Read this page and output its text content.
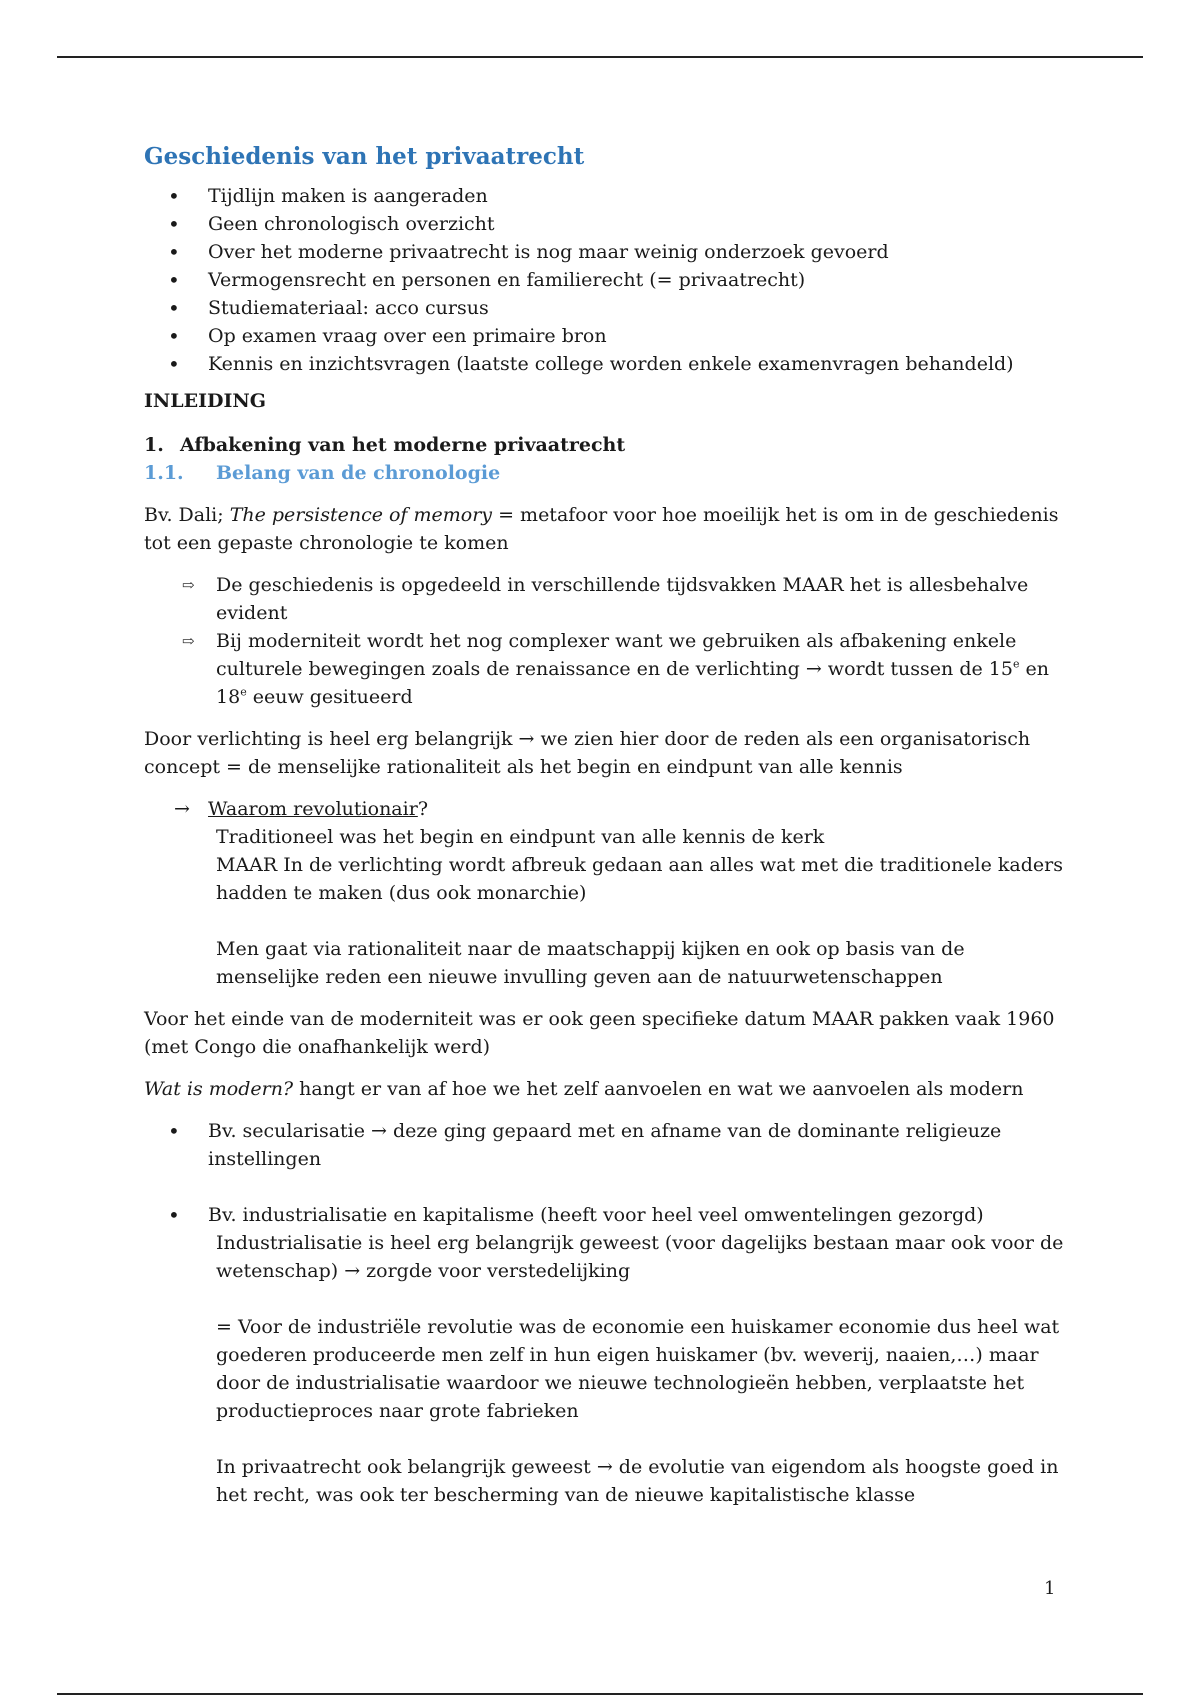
Geschiedenis van het privaatrecht
• Tijdlijn maken is aangeraden
• Geen chronologisch overzicht
• Over het moderne privaatrecht is nog maar weinig onderzoek gevoerd
• Vermogensrecht en personen en familierecht (= privaatrecht)
• Studiemateriaal: acco cursus
• Op examen vraag over een primaire bron
• Kennis en inzichtsvragen (laatste college worden enkele examenvragen behandeld)
INLEIDING
1. Afbakening van het moderne privaatrecht
1.1.	Belang van de chronologie

Bv. Dali; The persistence of memory = metafoor voor hoe moeilijk het is om in de geschiedenis tot een gepaste chronologie te komen

⇨ De geschiedenis is opgedeeld in verschillende tijdsvakken MAAR het is allesbehalve evident
⇨ Bij moderniteit wordt het nog complexer want we gebruiken als afbakening enkele culturele bewegingen zoals de renaissance en de verlichting → wordt tussen de 15e en 18e eeuw gesitueerd

Door verlichting is heel erg belangrijk → we zien hier door de reden als een organisatorisch concept = de menselijke rationaliteit als het begin en eindpunt van alle kennis

→ Waarom revolutionair?
Traditioneel was het begin en eindpunt van alle kennis de kerk
MAAR In de verlichting wordt afbreuk gedaan aan alles wat met die traditionele kaders hadden te maken (dus ook monarchie)
Men gaat via rationaliteit naar de maatschappij kijken en ook op basis van de menselijke reden een nieuwe invulling geven aan de natuurwetenschappen

Voor het einde van de moderniteit was er ook geen specifieke datum MAAR pakken vaak 1960 (met Congo die onafhankelijk werd)

Wat is modern? hangt er van af hoe we het zelf aanvoelen en wat we aanvoelen als modern

• Bv. secularisatie → deze ging gepaard met en afname van de dominante religieuze instellingen
• Bv. industrialisatie en kapitalisme (heeft voor heel veel omwentelingen gezorgd)
Industrialisatie is heel erg belangrijk geweest (voor dagelijks bestaan maar ook voor de wetenschap) → zorgde voor verstedelijking
= Voor de industriële revolutie was de economie een huiskamer economie dus heel wat goederen produceerde men zelf in hun eigen huiskamer (bv. weverij, naaien,…) maar door de industrialisatie waardoor we nieuwe technologieën hebben, verplaatste het productieproces naar grote fabrieken
In privaatrecht ook belangrijk geweest → de evolutie van eigendom als hoogste goed in het recht, was ook ter bescherming van de nieuwe kapitalistische klasse
1
